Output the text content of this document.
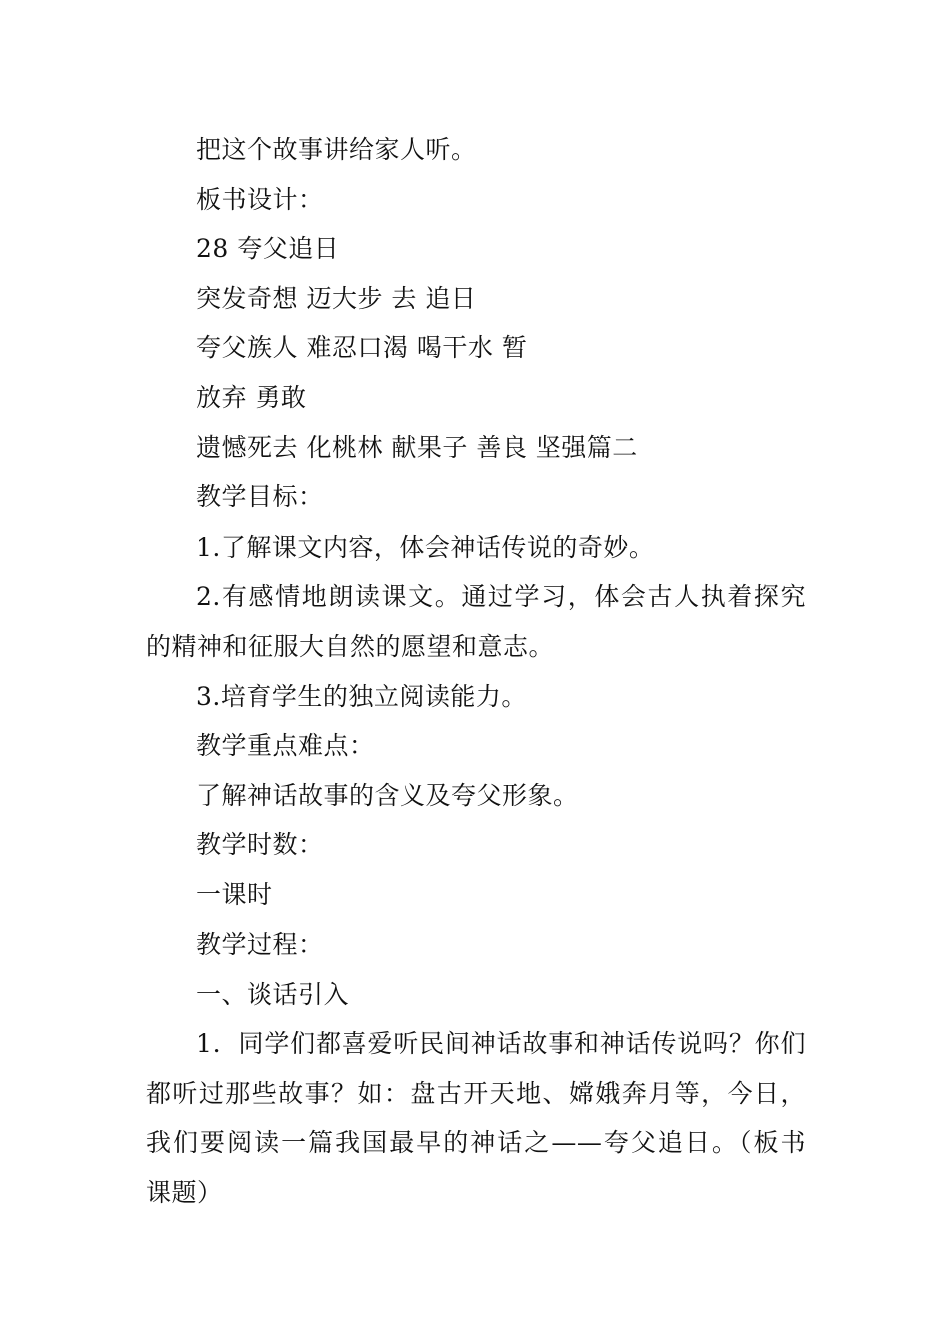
把这个故事讲给家人听。
板书设计：
28 夸父追日
突发奇想 迈大步 去 追日
夸父族人 难忍口渴 喝干水 暂
放弃 勇敢
遗憾死去 化桃林 献果子 善良 坚强篇二
教学目标：
1.了解课文内容，体会神话传说的奇妙。
2.有感情地朗读课文。通过学习，体会古人执着探究
的精神和征服大自然的愿望和意志。
3.培育学生的独立阅读能力。
教学重点难点：
了解神话故事的含义及夸父形象。
教学时数：
一课时
教学过程：
一、谈话引入
1．同学们都喜爱听民间神话故事和神话传说吗？你们
都听过那些故事？如：盘古开天地、嫦娥奔月等，今日，
我们要阅读一篇我国最早的神话之——夸父追日。（板书
课题）
